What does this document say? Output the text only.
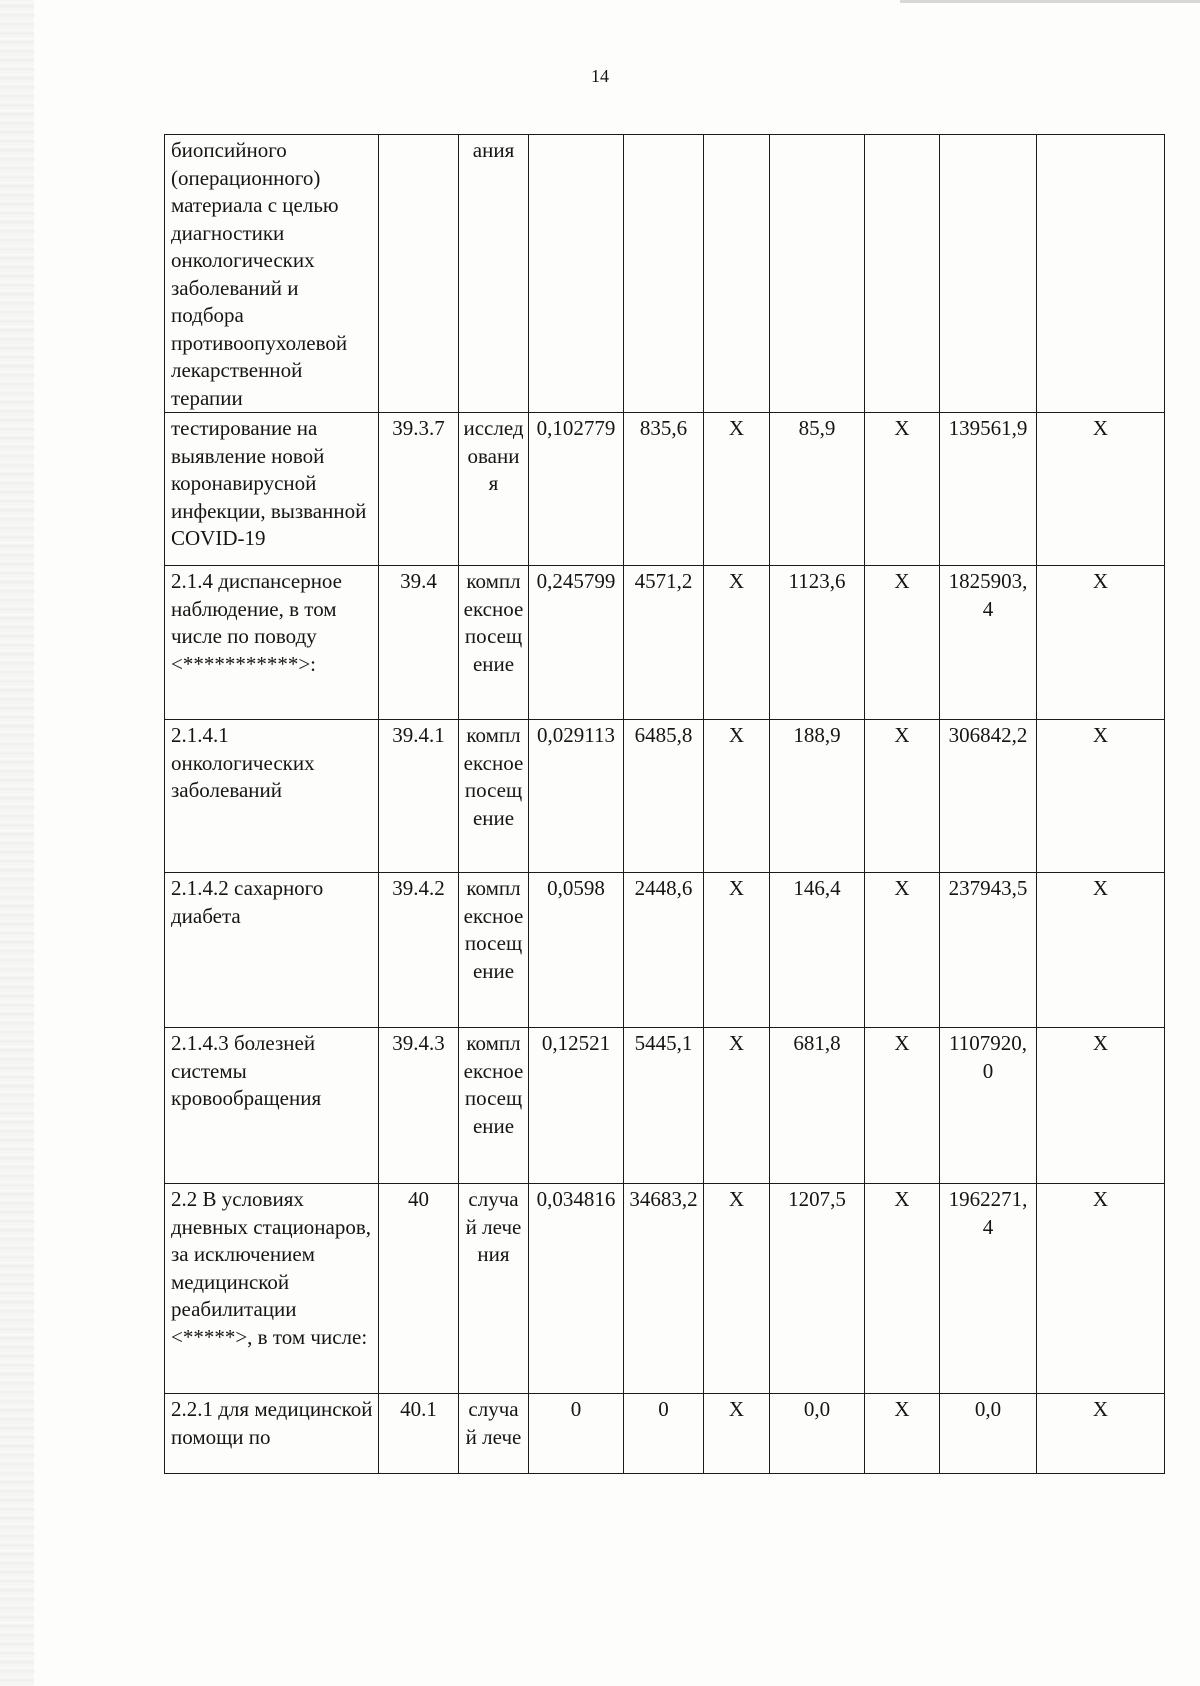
14
биопсийного (операционного) материала с целью диагностики онкологических заболеваний и подбора противоопухолевой лекарственной терапии		ания							
тестирование на выявление новой коронавирусной инфекции, вызванной COVID-19	39.3.7	исследования	0,102779	835,6	Х	85,9	Х	139561,9	Х
2.1.4 диспансерное наблюдение, в том числе по поводу <***********>:	39.4	комплексное посещение	0,245799	4571,2	Х	1123,6	Х	1825903,4	Х
2.1.4.1 онкологических заболеваний	39.4.1	комплексное посещение	0,029113	6485,8	Х	188,9	Х	306842,2	Х
2.1.4.2 сахарного диабета	39.4.2	комплексное посещение	0,0598	2448,6	Х	146,4	Х	237943,5	Х
2.1.4.3 болезней системы кровообращения	39.4.3	комплексное посещение	0,12521	5445,1	Х	681,8	Х	1107920,0	Х
2.2 В условиях дневных стационаров, за исключением медицинской реабилитации <*****>, в том числе:	40	случай лечения	0,034816	34683,2	Х	1207,5	Х	1962271,4	Х
2.2.1 для медицинской помощи по	40.1	случай лече	0	0	Х	0,0	Х	0,0	Х
